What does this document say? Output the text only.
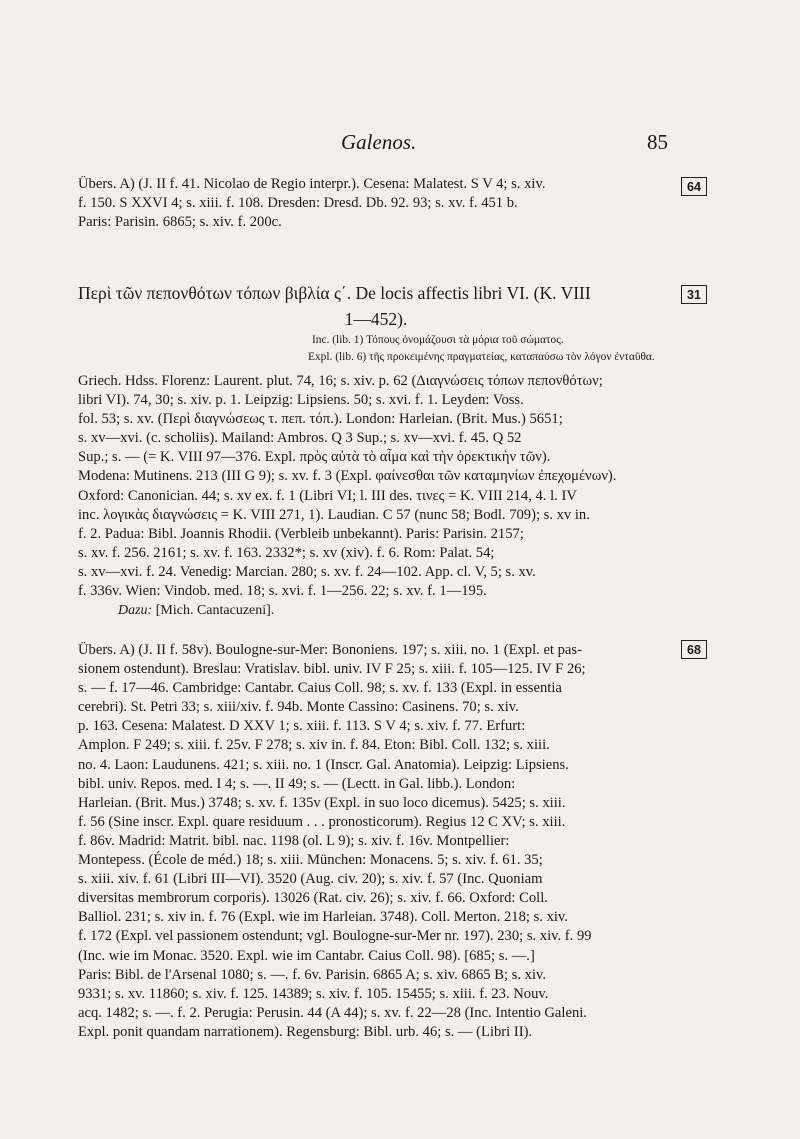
Galenos.	85
Übers. A) (J. II f. 41. Nicolao de Regio interpr.). Cesena: Malatest. S V 4; s. xiv.
f. 150. S XXVI 4; s. xiii. f. 108. Dresden: Dresd. Db. 92. 93; s. xv. f. 451 b.
Paris: Parisin. 6865; s. xiv. f. 200c.
64
Περὶ τῶν πεπονθότων τόπων βιβλία ς΄. De locis affectis libri VI. (K. VIII
1—452).
Inc. (lib. 1) Τόπους ὀνομάζουσι τὰ μόρια τοῦ σώματος.
Expl. (lib. 6) τῆς προκειμένης πραγματείας, καταπαύσω τὸν λόγον ἐνταῦθα.
31
Griech. Hdss. Florenz: Laurent. plut. 74, 16; s. xiv. p. 62 (Διαγνώσεις τόπων πεπονθότων;
libri VI). 74, 30; s. xiv. p. 1. Leipzig: Lipsiens. 50; s. xvi. f. 1. Leyden: Voss.
fol. 53; s. xv. (Περὶ διαγνώσεως τ. πεπ. τόπ.). London: Harleian. (Brit. Mus.) 5651;
s. xv—xvi. (c. scholiis). Mailand: Ambros. Q 3 Sup.; s. xv—xvi. f. 45. Q 52
Sup.; s. — (= K. VIII 97—376. Expl. πρὸς αὐτὰ τὸ αἷμα καὶ τὴν ὀρεκτικὴν τῶν).
Modena: Mutinens. 213 (III G 9); s. xv. f. 3 (Expl. φαίνεσθαι τῶν καταμηνίων ἐπεχομένων).
Oxford: Canonician. 44; s. xv ex. f. 1 (Libri VI; l. III des. τινες = K. VIII 214, 4. l. IV
inc. λογικὰς διαγνώσεις = K. VIII 271, 1). Laudian. C 57 (nunc 58; Bodl. 709); s. xv in.
f. 2. Padua: Bibl. Joannis Rhodii. (Verbleib unbekannt). Paris: Parisin. 2157;
s. xv. f. 256. 2161; s. xv. f. 163. 2332*; s. xv (xiv). f. 6. Rom: Palat. 54;
s. xv—xvi. f. 24. Venedig: Marcian. 280; s. xv. f. 24—102. App. cl. V, 5; s. xv.
f. 336v. Wien: Vindob. med. 18; s. xvi. f. 1—256. 22; s. xv. f. 1—195.
Dazu: [Mich. Cantacuzeni].
Übers. A) (J. II f. 58v). Boulogne-sur-Mer: Bononiens. 197; s. xiii. no. 1 (Expl. et pas-
sionem ostendunt). Breslau: Vratislav. bibl. univ. IV F 25; s. xiii. f. 105—125. IV F 26;
s. — f. 17—46. Cambridge: Cantabr. Caius Coll. 98; s. xv. f. 133 (Expl. in essentia
cerebri). St. Petri 33; s. xiii/xiv. f. 94b. Monte Cassino: Casinens. 70; s. xiv.
p. 163. Cesena: Malatest. D XXV 1; s. xiii. f. 113. S V 4; s. xiv. f. 77. Erfurt:
Amplon. F 249; s. xiii. f. 25v. F 278; s. xiv in. f. 84. Eton: Bibl. Coll. 132; s. xiii.
no. 4. Laon: Laudunens. 421; s. xiii. no. 1 (Inscr. Gal. Anatomia). Leipzig: Lipsiens.
bibl. univ. Repos. med. I 4; s. —. II 49; s. — (Lectt. in Gal. libb.). London:
Harleian. (Brit. Mus.) 3748; s. xv. f. 135v (Expl. in suo loco dicemus). 5425; s. xiii.
f. 56 (Sine inscr. Expl. quare residuum . . . pronosticorum). Regius 12 C XV; s. xiii.
f. 86v. Madrid: Matrit. bibl. nac. 1198 (ol. L 9); s. xiv. f. 16v. Montpellier:
Montepess. (École de méd.) 18; s. xiii. München: Monacens. 5; s. xiv. f. 61. 35;
s. xiii. xiv. f. 61 (Libri III—VI). 3520 (Aug. civ. 20); s. xiv. f. 57 (Inc. Quoniam
diversitas membrorum corporis). 13026 (Rat. civ. 26); s. xiv. f. 66. Oxford: Coll.
Balliol. 231; s. xiv in. f. 76 (Expl. wie im Harleian. 3748). Coll. Merton. 218; s. xiv.
f. 172 (Expl. vel passionem ostendunt; vgl. Boulogne-sur-Mer nr. 197). 230; s. xiv. f. 99
(Inc. wie im Monac. 3520. Expl. wie im Cantabr. Caius Coll. 98). [685; s. —.]
Paris: Bibl. de l'Arsenal 1080; s. —. f. 6v. Parisin. 6865 A; s. xiv. 6865 B; s. xiv.
9331; s. xv. 11860; s. xiv. f. 125. 14389; s. xiv. f. 105. 15455; s. xiii. f. 23. Nouv.
acq. 1482; s. —. f. 2. Perugia: Perusin. 44 (A 44); s. xv. f. 22—28 (Inc. Intentio Galeni.
Expl. ponit quandam narrationem). Regensburg: Bibl. urb. 46; s. — (Libri II).
68
